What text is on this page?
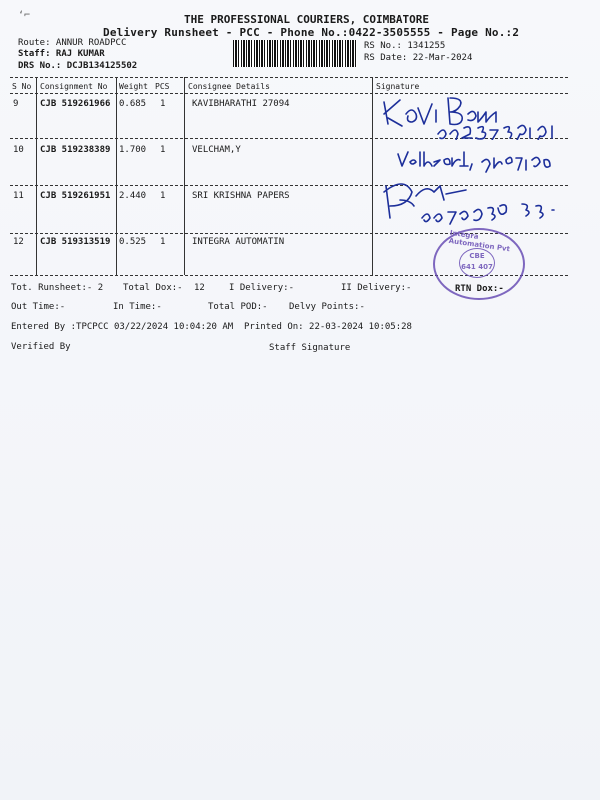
‘⌐	THE PROFESSIONAL COURIERS, COIMBATORE
Delivery Runsheet - PCC - Phone No.:0422-3505555 - Page No.:2
Route: ANNUR ROADPCC
Staff: RAJ KUMAR
DRS No.: DCJB134125502
RS No.: 1341255
RS Date: 22-Mar-2024
S No Consignment No Weight PCS Consignee Details	Signature
9 CJB 519261966 0.685 1	KAVIBHARATHI 27094
10 CJB 519238389 1.700 1	VELCHAM,Y
11 CJB 519261951 2.440 1	SRI KRISHNA PAPERS
12 CJB 519313519 0.525 1	INTEGRA AUTOMATIN
Integra Automation Pvt
CBE
641 407
Tot. Runsheet:- 2 Total Dox:- 12	I Delivery:-	II Delivery:-	RTN Dox:-
Out Time:-	In Time:-	Total POD:- Delvy Points:-
Entered By :TPCPCC 03/22/2024 10:04:20 AM Printed On: 22-03-2024 10:05:28
Verified By	Staff Signature
